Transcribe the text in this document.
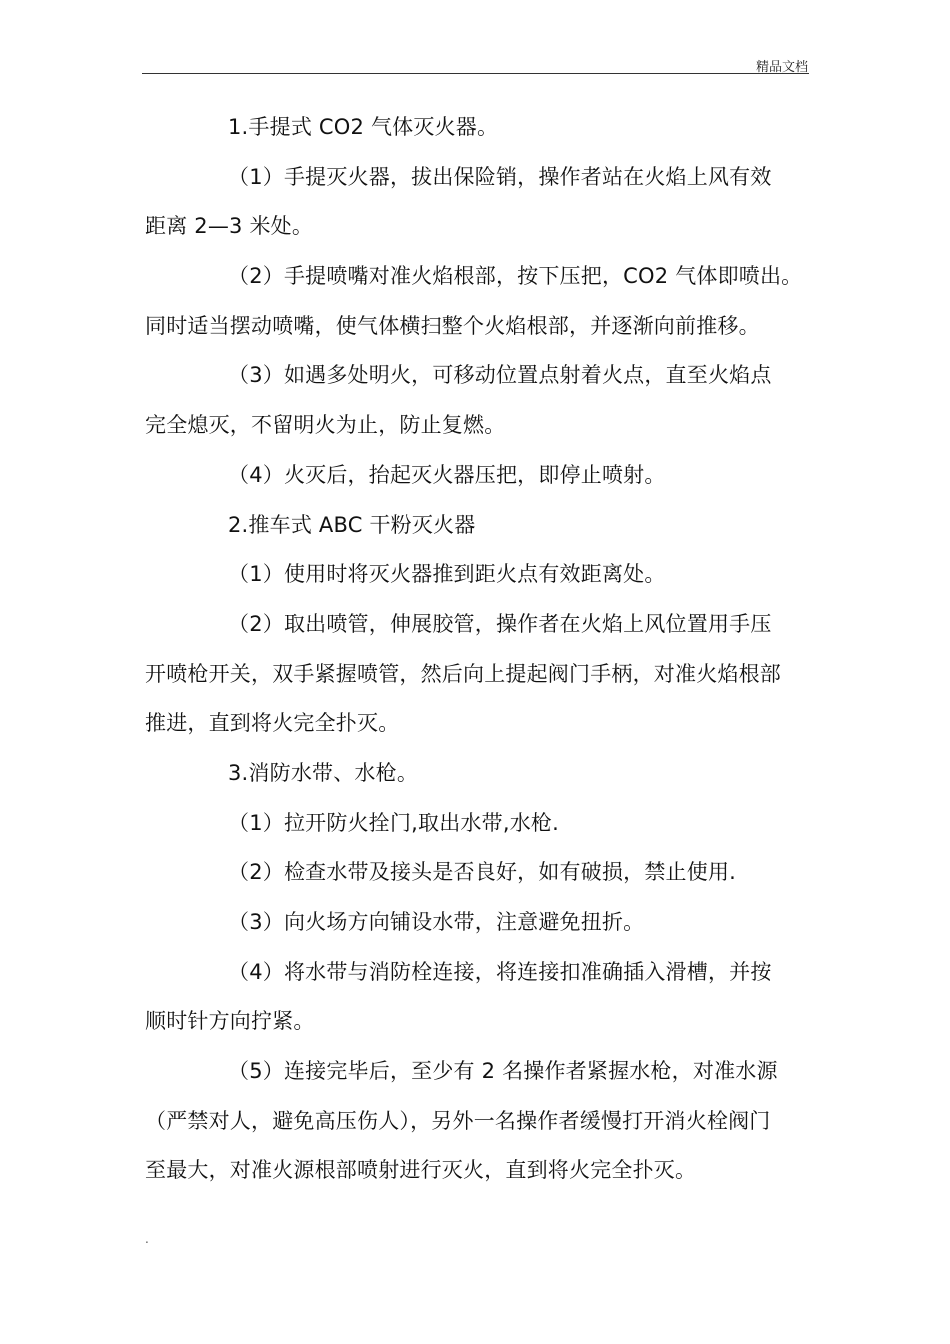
精品文档
1.手提式 CO2 气体灭火器。
（1）手提灭火器，拔出保险销，操作者站在火焰上风有效
距离 2—3 米处。
（2）手提喷嘴对准火焰根部，按下压把，CO2 气体即喷出。
同时适当摆动喷嘴，使气体横扫整个火焰根部，并逐渐向前推移。
（3）如遇多处明火，可移动位置点射着火点，直至火焰点
完全熄灭，不留明火为止，防止复燃。
（4）火灭后，抬起灭火器压把，即停止喷射。
2.推车式 ABC 干粉灭火器
（1）使用时将灭火器推到距火点有效距离处。
（2）取出喷管，伸展胶管，操作者在火焰上风位置用手压
开喷枪开关，双手紧握喷管，然后向上提起阀门手柄，对准火焰根部
推进，直到将火完全扑灭。
3.消防水带、水枪。
（1）拉开防火拴门,取出水带,水枪.
（2）检查水带及接头是否良好，如有破损，禁止使用.
（3）向火场方向铺设水带，注意避免扭折。
（4）将水带与消防栓连接，将连接扣准确插入滑槽，并按
顺时针方向拧紧。
（5）连接完毕后，至少有 2 名操作者紧握水枪，对准水源
（严禁对人，避免高压伤人），另外一名操作者缓慢打开消火栓阀门
至最大，对准火源根部喷射进行灭火，直到将火完全扑灭。
.
